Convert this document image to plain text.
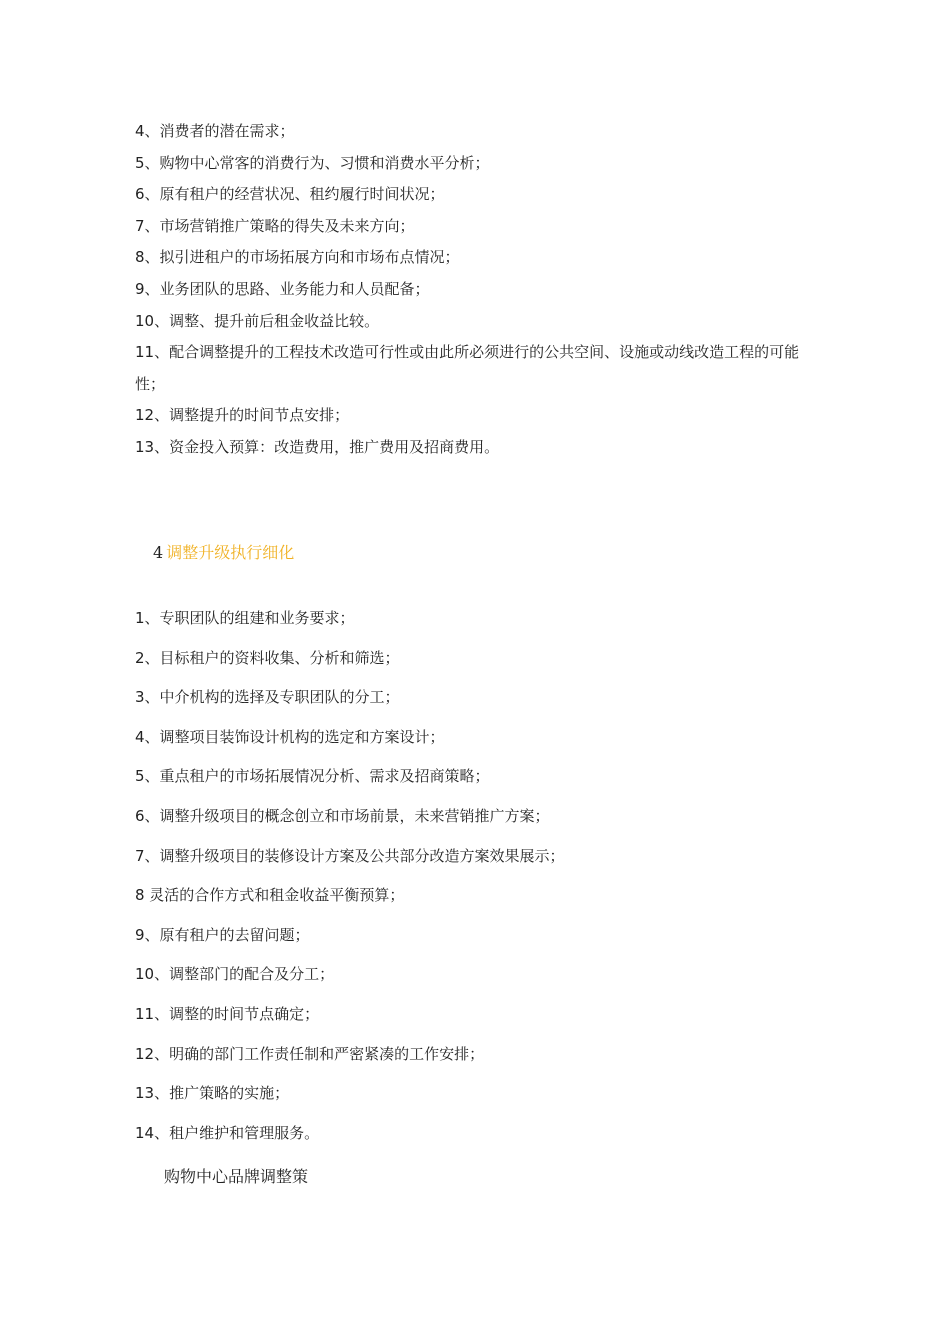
4、消费者的潜在需求；

5、购物中心常客的消费行为、习惯和消费水平分析；

6、原有租户的经营状况、租约履行时间状况；

7、市场营销推广策略的得失及未来方向；

8、拟引进租户的市场拓展方向和市场布点情况；

9、业务团队的思路、业务能力和人员配备；

10、调整、提升前后租金收益比较。

11、配合调整提升的工程技术改造可行性或由此所必须进行的公共空间、设施或动线改造工程的可能性；

12、调整提升的时间节点安排；

13、资金投入预算：改造费用，推广费用及招商费用。

4 调整升级执行细化

1、专职团队的组建和业务要求；

2、目标租户的资料收集、分析和筛选；

3、中介机构的选择及专职团队的分工；

4、调整项目装饰设计机构的选定和方案设计；

5、重点租户的市场拓展情况分析、需求及招商策略；

6、调整升级项目的概念创立和市场前景，未来营销推广方案；

7、调整升级项目的装修设计方案及公共部分改造方案效果展示；

8 灵活的合作方式和租金收益平衡预算；

9、原有租户的去留问题；

10、调整部门的配合及分工；

11、调整的时间节点确定；

12、明确的部门工作责任制和严密紧凑的工作安排；

13、推广策略的实施；

14、租户维护和管理服务。

购物中心品牌调整策
